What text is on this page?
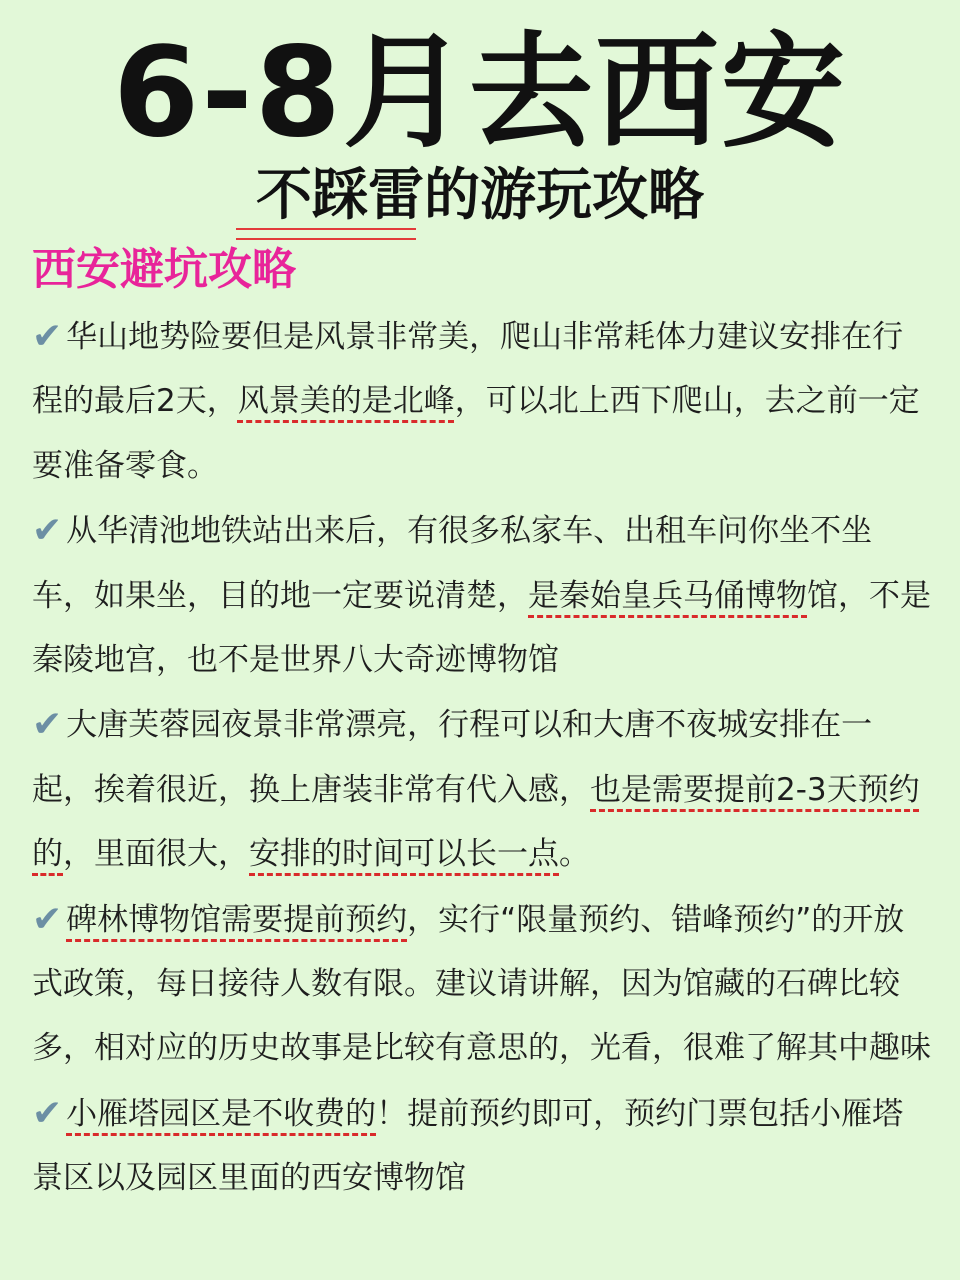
6-8月去西安
不踩雷的游玩攻略
西安避坑攻略

✔ 华山地势险要但是风景非常美，爬山非常耗体力建议安排在行程的最后2天，风景美的是北峰，可以北上西下爬山，去之前一定要准备零食。

✔ 从华清池地铁站出来后，有很多私家车、出租车问你坐不坐车，如果坐，目的地一定要说清楚，是秦始皇兵马俑博物馆，不是秦陵地宫，也不是世界八大奇迹博物馆

✔ 大唐芙蓉园夜景非常漂亮，行程可以和大唐不夜城安排在一起，挨着很近，换上唐装非常有代入感，也是需要提前2-3天预约的，里面很大，安排的时间可以长一点。

✔ 碑林博物馆需要提前预约，实行“限量预约、错峰预约”的开放式政策，每日接待人数有限。建议请讲解，因为馆藏的石碑比较多，相对应的历史故事是比较有意思的，光看，很难了解其中趣味

✔ 小雁塔园区是不收费的！提前预约即可，预约门票包括小雁塔景区以及园区里面的西安博物馆
